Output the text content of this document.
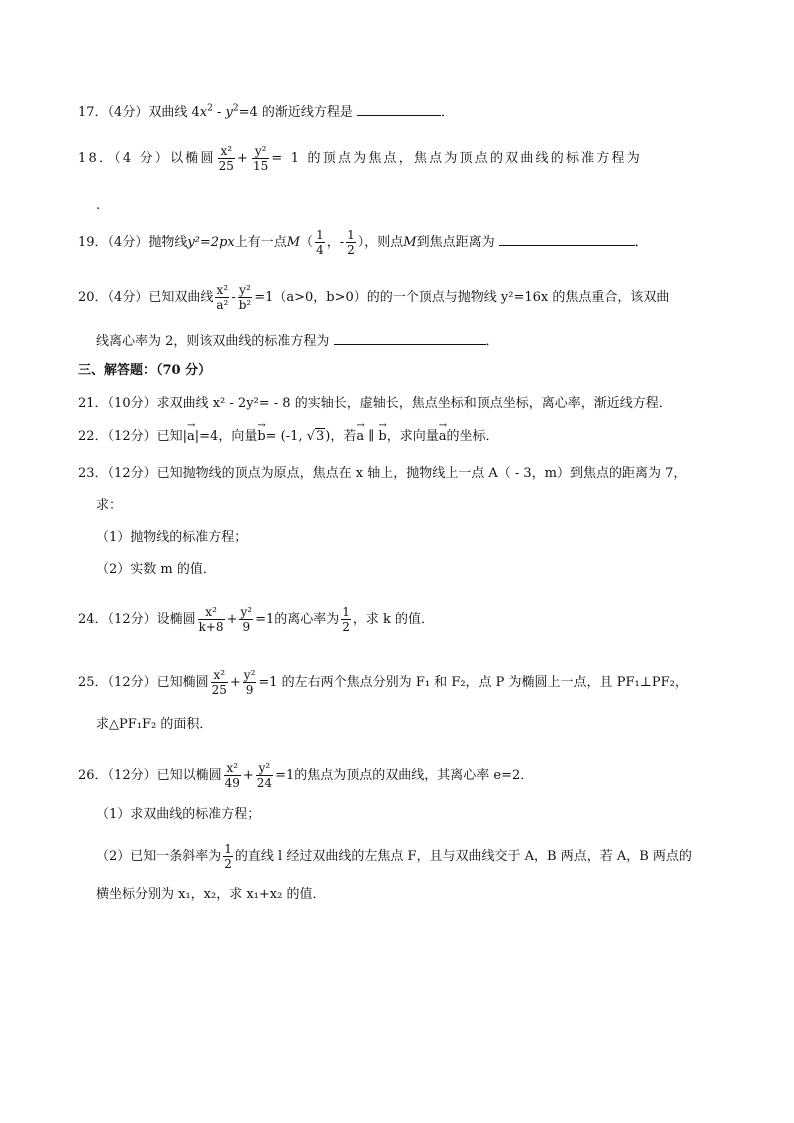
17．（4分）双曲线 $4x^2 - y^2=4$ 的渐近线方程是	．
18．（4 分）以椭圆 $\frac{\text{x²}}{25} + \frac{\text{y²}}{15} = 1$ 的顶点为焦点，焦点为顶点的双曲线的标准方程为
.
19．（4分）抛物线y²=2px上有一点$M( \frac{1}{4}$ ，- $\frac{1}{2}$ ），则点M到焦点距离为	．
20．（4分）已知双曲线 $\frac{\text{x²}}{\text{a²}} - \frac{\text{y²}}{\text{b²}} =1(a>0$，b>0）的的一个顶点与抛物线 y²=16x 的焦点重合，该双曲
线离心率为 2，则该双曲线的标准方程为	．
三、解答题：（70 分）
21．（10分）求双曲线 x² - 2y²= - 8 的实轴长，虚轴长，焦点坐标和顶点坐标，离心率，渐近线方程．
22．（12分）已知|→ a|=4，向量→ b= (-1, √3)，若→ a ∥ → b，求向量→ a的坐标．
23．（12分）已知抛物线的顶点为原点，焦点在 x 轴上，抛物线上一点 A（ - 3，m）到焦点的距离为 7，
求：
（1）抛物线的标准方程；
（2）实数 m 的值．
24．（12分）设椭圆 $\frac{\text{x²}}{k+8} + \frac{\text{y²}}{9} =1$的离心率为 $\frac{1}{2}$ ，求 k 的值．
25．（12分）已知椭圆 $\frac{\text{x²}}{25} + \frac{\text{y²}}{9} =1$ 的左右两个焦点分别为 F₁ 和 F₂，点 P 为椭圆上一点，且 PF₁⊥PF₂，
求△PF₁F₂ 的面积．
26．（12分）已知以椭圆 $\frac{\text{x²}}{49} + \frac{\text{y²}}{24} =1$的焦点为顶点的双曲线，其离心率 e=2．
（1）求双曲线的标准方程；
（2）已知一条斜率为 $\frac{1}{2}$ 的直线 l 经过双曲线的左焦点 F，且与双曲线交于 A，B 两点，若 A，B 两点的
横坐标分别为 x₁，x₂，求 x₁+x₂ 的值．
